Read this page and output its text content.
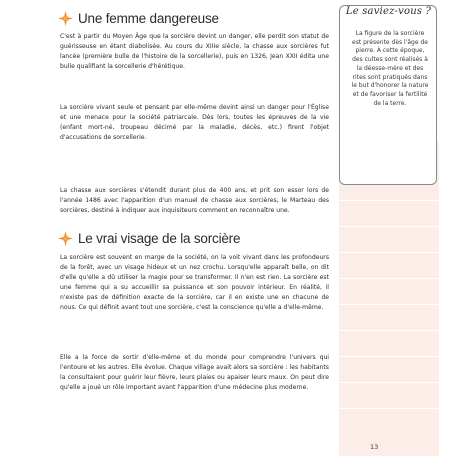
Une femme dangereuse

C'est à partir du Moyen Âge que la sorcière devint un danger, elle perdit son statut de guérisseuse en étant diabolisée. Au cours du XIIIe siècle, la chasse aux sorcières fut lancée (première bulle de l'histoire de la sorcellerie), puis en 1326, Jean XXII édita une bulle qualifiant la sorcellerie d'hérétique.

La sorcière vivant seule et pensant par elle-même devint ainsi un danger pour l'Église et une menace pour la société patriarcale. Dès lors, toutes les épreuves de la vie (enfant mort-né, troupeau décimé par la maladie, décès, etc.) firent l'objet d'accusations de sorcellerie.

La chasse aux sorcières s'étendit durant plus de 400 ans, et prit son essor lors de l'année 1486 avec l'apparition d'un manuel de chasse aux sorcières, le Marteau des sorcières, destiné à indiquer aux inquisiteurs comment en reconnaître une.

Le vrai visage de la sorcière

La sorcière est souvent en marge de la société, on la voit vivant dans les profondeurs de la forêt, avec un visage hideux et un nez crochu. Lorsqu'elle apparaît belle, on dit d'elle qu'elle a dû utiliser la magie pour se transformer. Il n'en est rien. La sorcière est une femme qui a su accueillir sa puissance et son pouvoir intérieur. En réalité, il n'existe pas de définition exacte de la sorcière, car il en existe une en chacune de nous. Ce qui définit avant tout une sorcière, c'est la conscience qu'elle a d'elle-même.

Elle a la force de sortir d'elle-même et du monde pour comprendre l'univers qui l'entoure et les autres. Elle évolue. Chaque village avait alors sa sorcière : les habitants la consultaient pour guérir leur fièvre, leurs plaies ou apaiser leurs maux. On peut dire qu'elle a joué un rôle important avant l'apparition d'une médecine plus moderne.

Le saviez-vous ?

La figure de la sorcière est présente dès l'âge de pierre. À cette époque, des cultes sont réalisés à la déesse-mère et des rites sont pratiqués dans le but d'honorer la nature et de favoriser la fertilité de la terre.

13
